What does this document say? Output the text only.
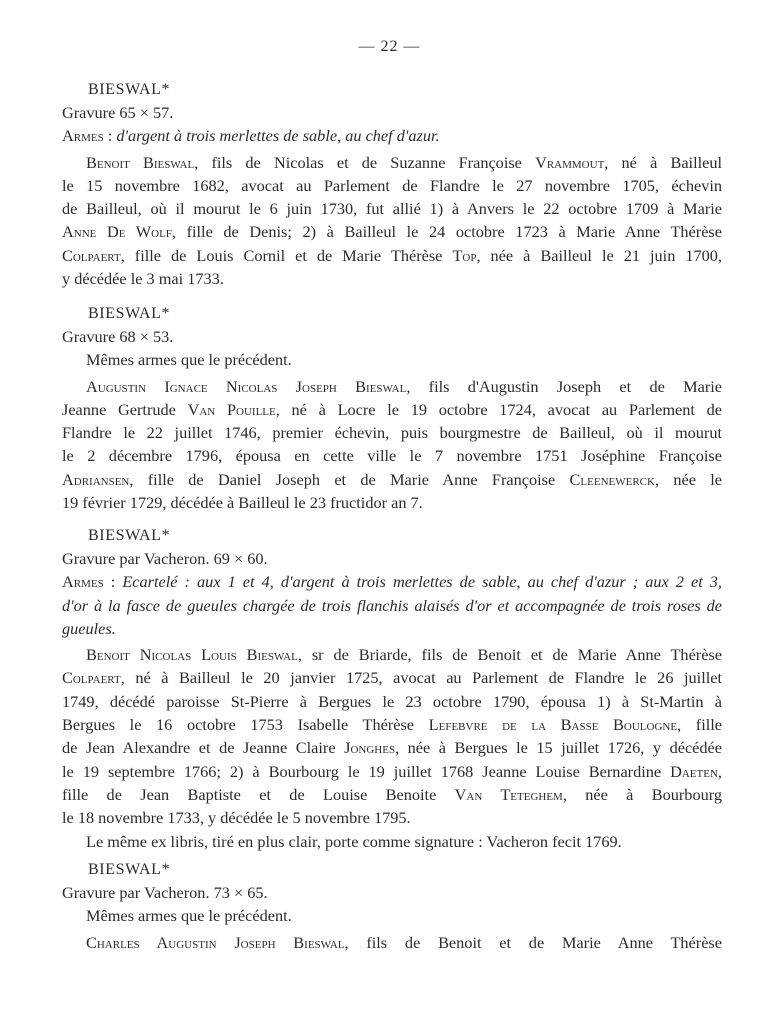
— 22 —
BIESWAL*
Gravure 65 × 57.
Armes : d'argent à trois merlettes de sable, au chef d'azur.
Benoit Bieswal, fils de Nicolas et de Suzanne Françoise Vrammout, né à Bailleul
le 15 novembre 1682, avocat au Parlement de Flandre le 27 novembre 1705, échevin
de Bailleul, où il mourut le 6 juin 1730, fut allié 1) à Anvers le 22 octobre 1709 à Marie
Anne De Wolf, fille de Denis; 2) à Bailleul le 24 octobre 1723 à Marie Anne Thérèse
Colpaert, fille de Louis Cornil et de Marie Thérèse Top, née à Bailleul le 21 juin 1700,
y décédée le 3 mai 1733.
BIESWAL*
Gravure 68 × 53.
Mêmes armes que le précédent.
Augustin Ignace Nicolas Joseph Bieswal, fils d'Augustin Joseph et de Marie
Jeanne Gertrude Van Pouille, né à Locre le 19 octobre 1724, avocat au Parlement de
Flandre le 22 juillet 1746, premier échevin, puis bourgmestre de Bailleul, où il mourut
le 2 décembre 1796, épousa en cette ville le 7 novembre 1751 Joséphine Françoise
Adriansen, fille de Daniel Joseph et de Marie Anne Françoise Cleenewerck, née le
19 février 1729, décédée à Bailleul le 23 fructidor an 7.
BIESWAL*
Gravure par Vacheron. 69 × 60.
Armes : Ecartelé : aux 1 et 4, d'argent à trois merlettes de sable, au chef d'azur ; aux 2 et 3,
d'or à la fasce de gueules chargée de trois flanchis alaisés d'or et accompagnée de trois roses de
gueules.
Benoit Nicolas Louis Bieswal, sr de Briarde, fils de Benoit et de Marie Anne Thérèse
Colpaert, né à Bailleul le 20 janvier 1725, avocat au Parlement de Flandre le 26 juillet
1749, décédé paroisse St-Pierre à Bergues le 23 octobre 1790, épousa 1) à St-Martin à
Bergues le 16 octobre 1753 Isabelle Thérèse Lefebvre de la Basse Boulogne, fille
de Jean Alexandre et de Jeanne Claire Jonghes, née à Bergues le 15 juillet 1726, y décédée
le 19 septembre 1766; 2) à Bourbourg le 19 juillet 1768 Jeanne Louise Bernardine Daeten,
fille de Jean Baptiste et de Louise Benoite Van Teteghem, née à Bourbourg
le 18 novembre 1733, y décédée le 5 novembre 1795.
Le même ex libris, tiré en plus clair, porte comme signature : Vacheron fecit 1769.
BIESWAL*
Gravure par Vacheron. 73 × 65.
Mêmes armes que le précédent.
Charles Augustin Joseph Bieswal, fils de Benoit et de Marie Anne Thérèse
